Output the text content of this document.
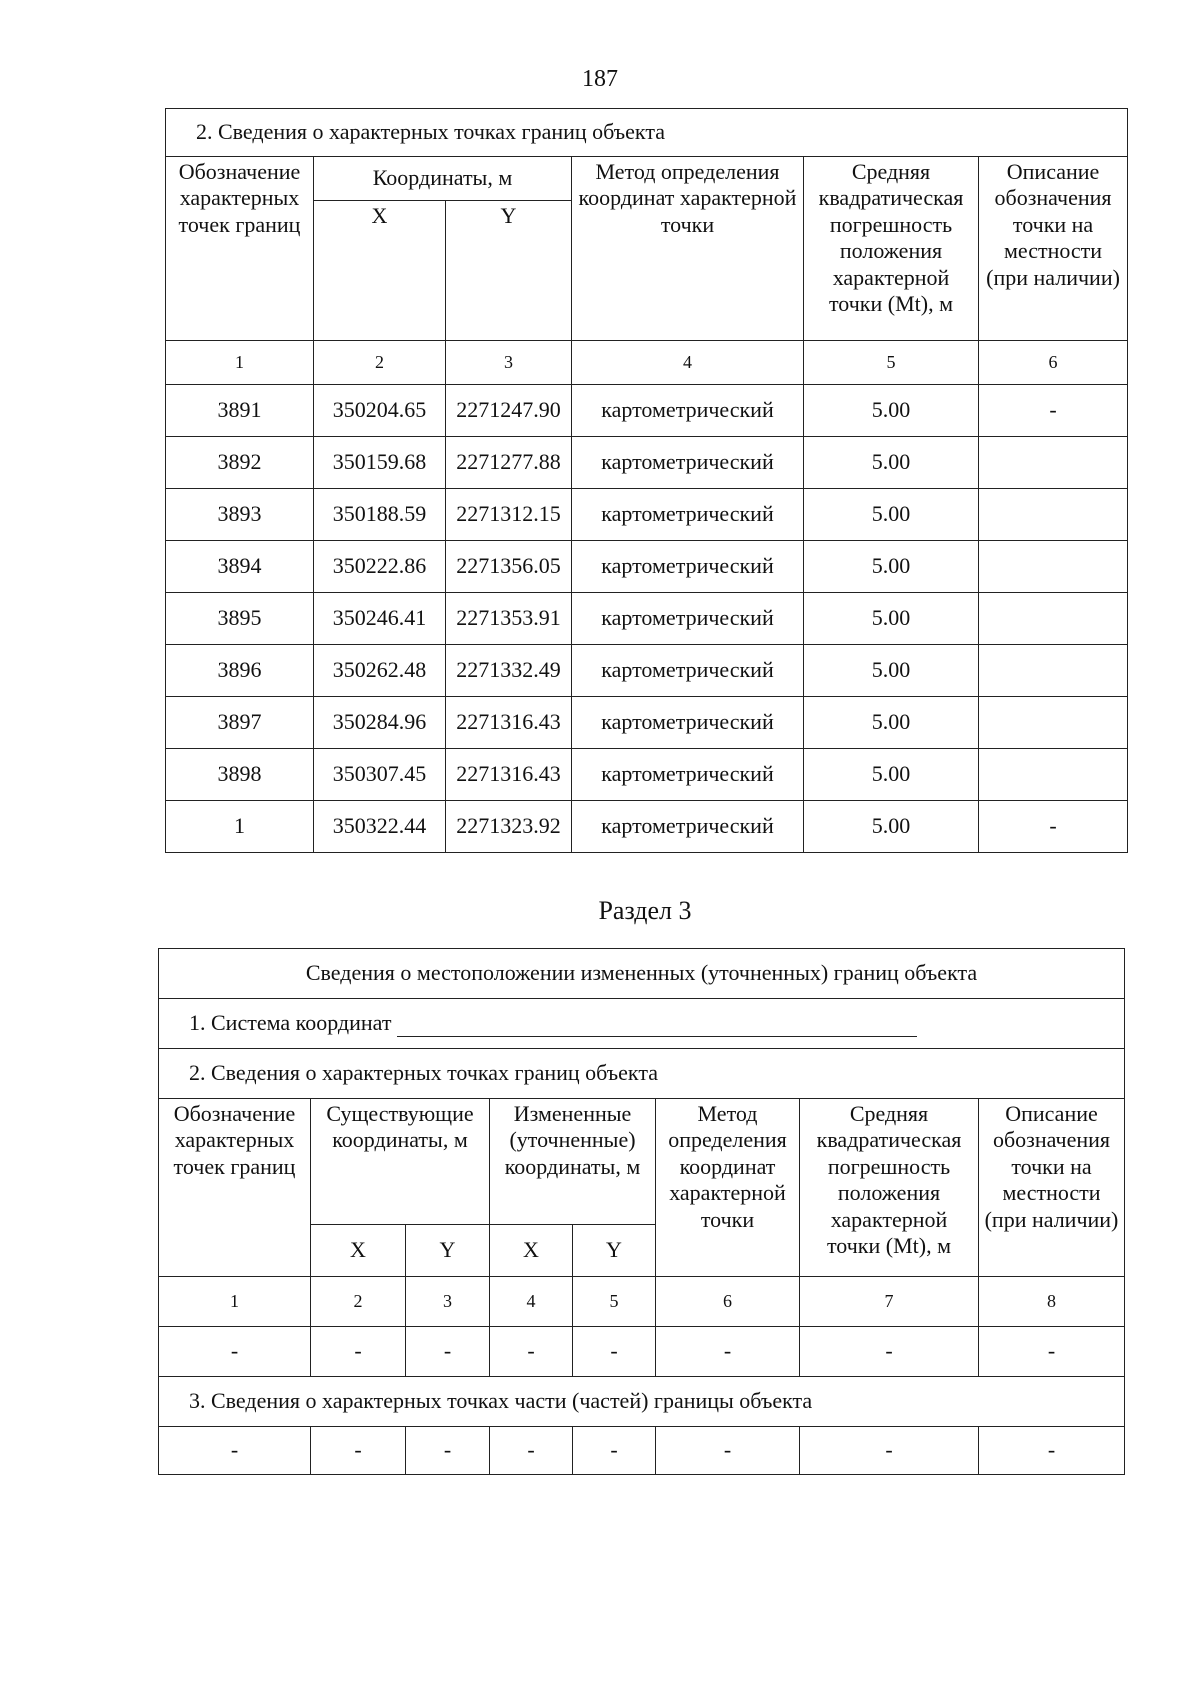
187
2. Сведения о характерных точках границ объекта					
Обозначение характерных точек границ	Координаты, м		Метод определения координат характерной точки	Средняя квадратическая погрешность положения характерной точки (Mt), м	Описание обозначения точки на местности (при наличии)
	X	Y			
1	2	3	4	5	6
3891	350204.65	2271247.90	картометрический	5.00	-
3892	350159.68	2271277.88	картометрический	5.00	
3893	350188.59	2271312.15	картометрический	5.00	
3894	350222.86	2271356.05	картометрический	5.00	
3895	350246.41	2271353.91	картометрический	5.00	
3896	350262.48	2271332.49	картометрический	5.00	
3897	350284.96	2271316.43	картометрический	5.00	
3898	350307.45	2271316.43	картометрический	5.00	
1	350322.44	2271323.92	картометрический	5.00	-
Раздел 3
Сведения о местоположении измененных (уточненных) границ объекта							
1. Система координат							
2. Сведения о характерных точках границ объекта							
Обозначение характерных точек границ	Существующие координаты, м		Измененные (уточненные) координаты, м		Метод определения координат характерной точки	Средняя квадратическая погрешность положения характерной точки (Mt), м	Описание обозначения точки на местности (при наличии)
	X	Y	X	Y			
1	2	3	4	5	6	7	8
-	-	-	-	-	-	-	-
3. Сведения о характерных точках части (частей) границы объекта							
-	-	-	-	-	-	-	-
